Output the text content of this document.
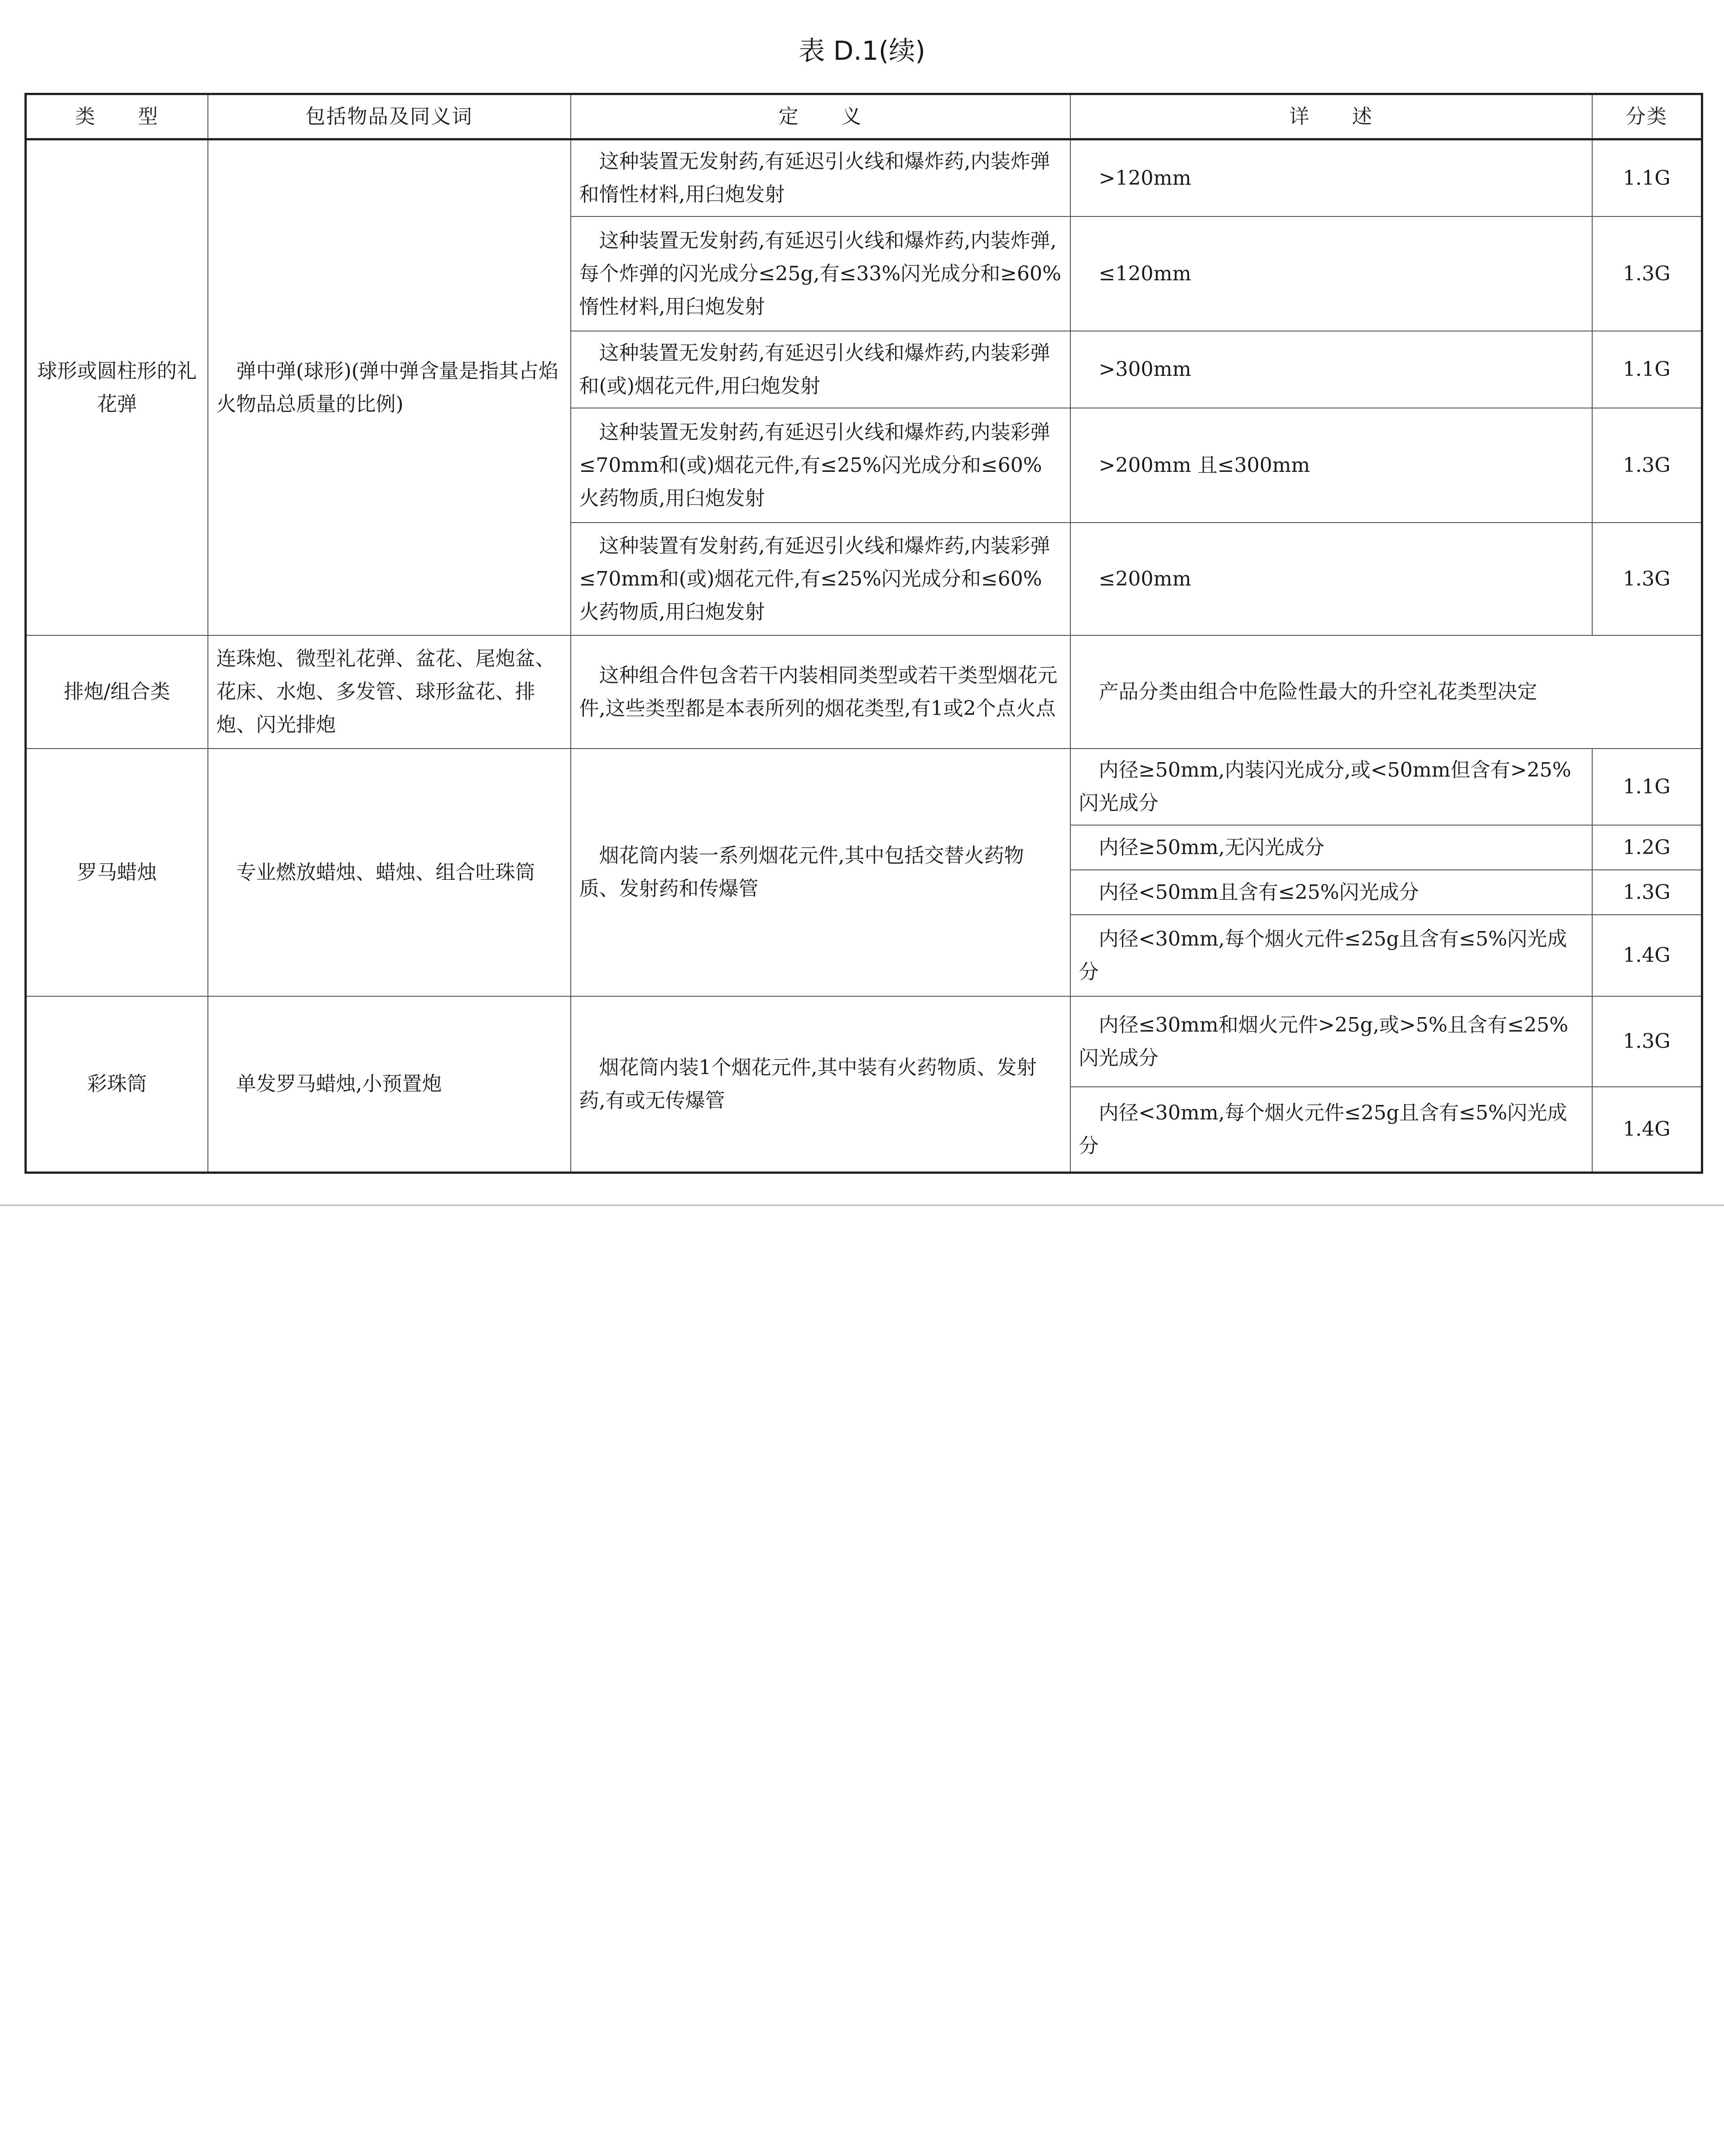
表 D.1(续)
类　　型	包括物品及同义词	定　　义	详　　述	分类
球形或圆柱形的礼花弹	弹中弹(球形)(弹中弹含量是指其占焰火物品总质量的比例)	这种装置无发射药,有延迟引火线和爆炸药,内装炸弹和惰性材料,用臼炮发射	>120mm	1.1G
		这种装置无发射药,有延迟引火线和爆炸药,内装炸弹,每个炸弹的闪光成分≤25g,有≤33%闪光成分和≥60%惰性材料,用臼炮发射	≤120mm	1.3G
		这种装置无发射药,有延迟引火线和爆炸药,内装彩弹和(或)烟花元件,用臼炮发射	>300mm	1.1G
		这种装置无发射药,有延迟引火线和爆炸药,内装彩弹≤70mm和(或)烟花元件,有≤25%闪光成分和≤60%火药物质,用臼炮发射	>200mm 且≤300mm	1.3G
		这种装置有发射药,有延迟引火线和爆炸药,内装彩弹≤70mm和(或)烟花元件,有≤25%闪光成分和≤60%火药物质,用臼炮发射	≤200mm	1.3G
排炮/组合类	连珠炮、微型礼花弹、盆花、尾炮盆、花床、水炮、多发管、球形盆花、排炮、闪光排炮	这种组合件包含若干内装相同类型或若干类型烟花元件,这些类型都是本表所列的烟花类型,有1或2个点火点	产品分类由组合中危险性最大的升空礼花类型决定	
罗马蜡烛	专业燃放蜡烛、蜡烛、组合吐珠筒	烟花筒内装一系列烟花元件,其中包括交替火药物质、发射药和传爆管	内径≥50mm,内装闪光成分,或<50mm但含有>25%闪光成分	1.1G
			内径≥50mm,无闪光成分	1.2G
			内径<50mm且含有≤25%闪光成分	1.3G
			内径<30mm,每个烟火元件≤25g且含有≤5%闪光成分	1.4G
彩珠筒	单发罗马蜡烛,小预置炮	烟花筒内装1个烟花元件,其中装有火药物质、发射药,有或无传爆管	内径≤30mm和烟火元件>25g,或>5%且含有≤25%闪光成分	1.3G
			内径<30mm,每个烟火元件≤25g且含有≤5%闪光成分	1.4G
